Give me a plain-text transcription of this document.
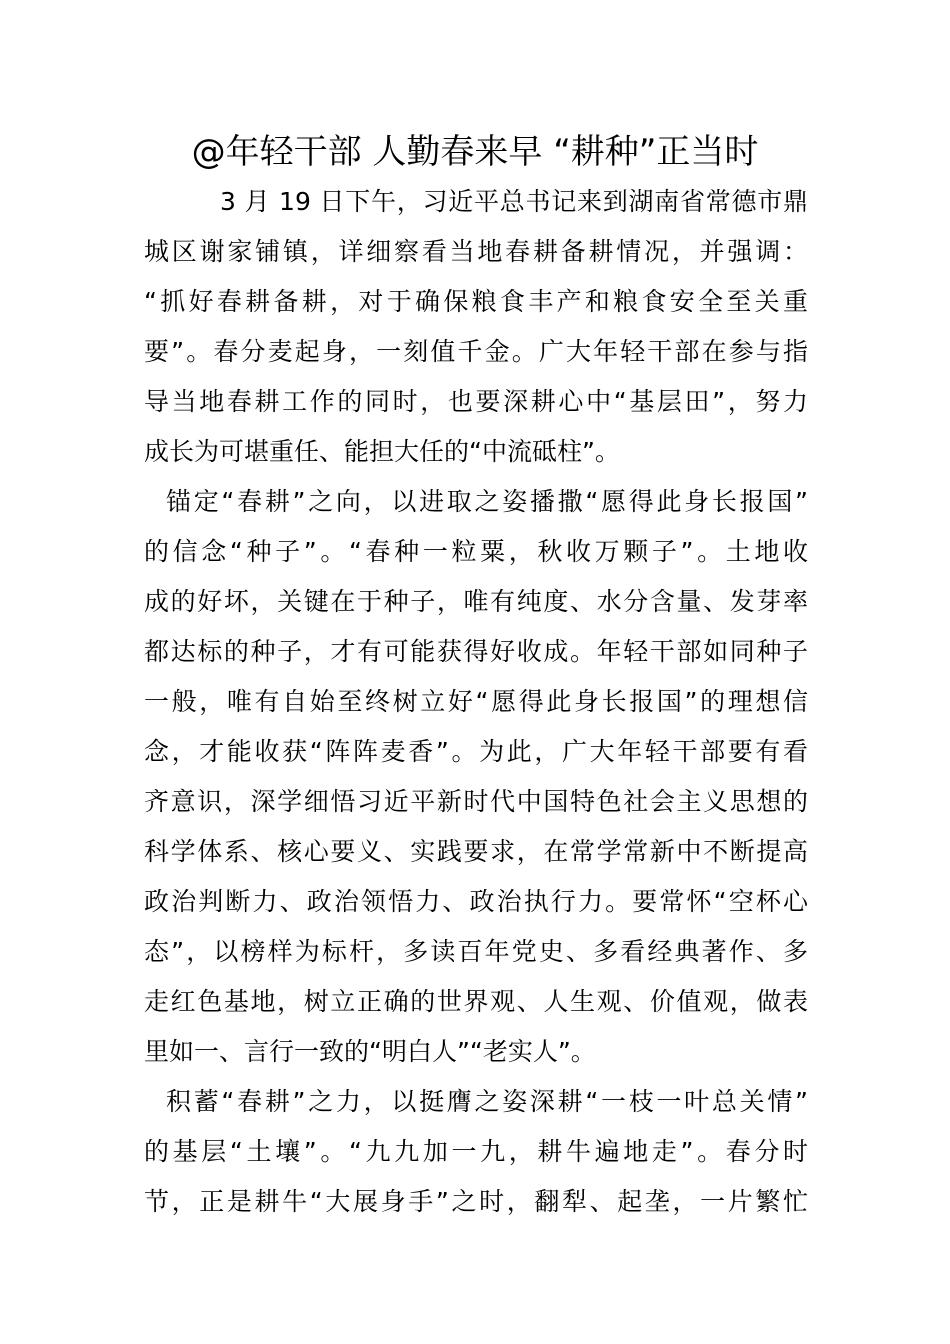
@年轻干部 人勤春来早 “耕种”正当时

3 月 19 日下午，习近平总书记来到湖南省常德市鼎

城区谢家铺镇，详细察看当地春耕备耕情况，并强调：

“抓好春耕备耕，对于确保粮食丰产和粮食安全至关重

要”。春分麦起身，一刻值千金。广大年轻干部在参与指

导当地春耕工作的同时，也要深耕心中“基层田”，努力

成长为可堪重任、能担大任的“中流砥柱”。

锚定“春耕”之向，以进取之姿播撒“愿得此身长报国”

的信念“种子”。“春种一粒粟，秋收万颗子”。土地收

成的好坏，关键在于种子，唯有纯度、水分含量、发芽率

都达标的种子，才有可能获得好收成。年轻干部如同种子

一般，唯有自始至终树立好“愿得此身长报国”的理想信

念，才能收获“阵阵麦香”。为此，广大年轻干部要有看

齐意识，深学细悟习近平新时代中国特色社会主义思想的

科学体系、核心要义、实践要求，在常学常新中不断提高

政治判断力、政治领悟力、政治执行力。要常怀“空杯心

态”，以榜样为标杆，多读百年党史、多看经典著作、多

走红色基地，树立正确的世界观、人生观、价值观，做表

里如一、言行一致的“明白人”“老实人”。

积蓄“春耕”之力，以挺膺之姿深耕“一枝一叶总关情”

的基层“土壤”。“九九加一九，耕牛遍地走”。春分时

节，正是耕牛“大展身手”之时，翻犁、起垄，一片繁忙
